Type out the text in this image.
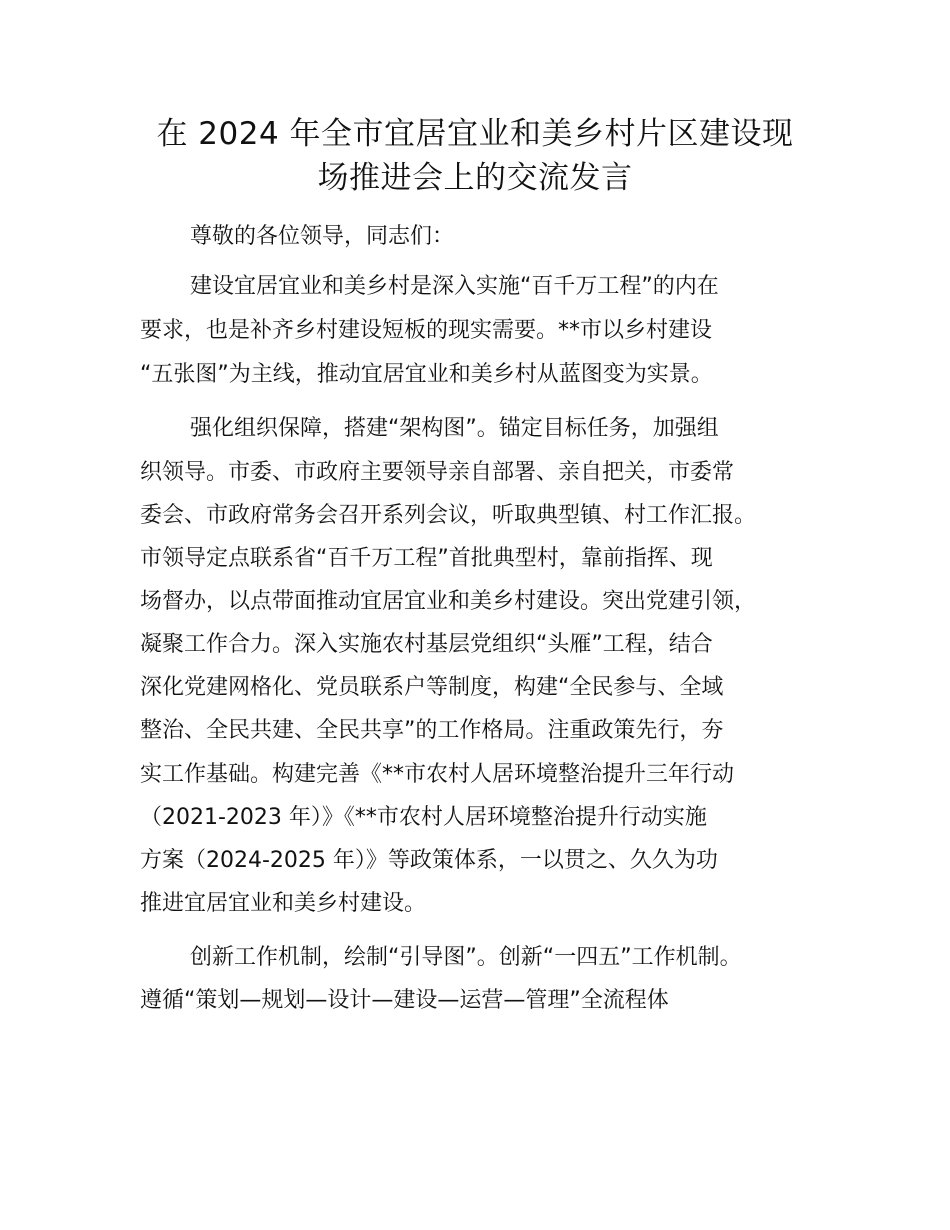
在 2024 年全市宜居宜业和美乡村片区建设现
场推进会上的交流发言

尊敬的各位领导，同志们：

建设宜居宜业和美乡村是深入实施“百千万工程”的内在

要求，也是补齐乡村建设短板的现实需要。**市以乡村建设

“五张图”为主线，推动宜居宜业和美乡村从蓝图变为实景。

强化组织保障，搭建“架构图”。锚定目标任务，加强组

织领导。市委、市政府主要领导亲自部署、亲自把关，市委常

委会、市政府常务会召开系列会议，听取典型镇、村工作汇报。

市领导定点联系省“百千万工程”首批典型村，靠前指挥、现

场督办，以点带面推动宜居宜业和美乡村建设。突出党建引领，

凝聚工作合力。深入实施农村基层党组织“头雁”工程，结合

深化党建网格化、党员联系户等制度，构建“全民参与、全域

整治、全民共建、全民共享”的工作格局。注重政策先行，夯

实工作基础。构建完善《**市农村人居环境整治提升三年行动

（2021-2023 年）》《**市农村人居环境整治提升行动实施

方案（2024-2025 年）》等政策体系，一以贯之、久久为功

推进宜居宜业和美乡村建设。

创新工作机制，绘制“引导图”。创新“一四五”工作机制。

遵循“策划—规划—设计—建设—运营—管理”全流程体
